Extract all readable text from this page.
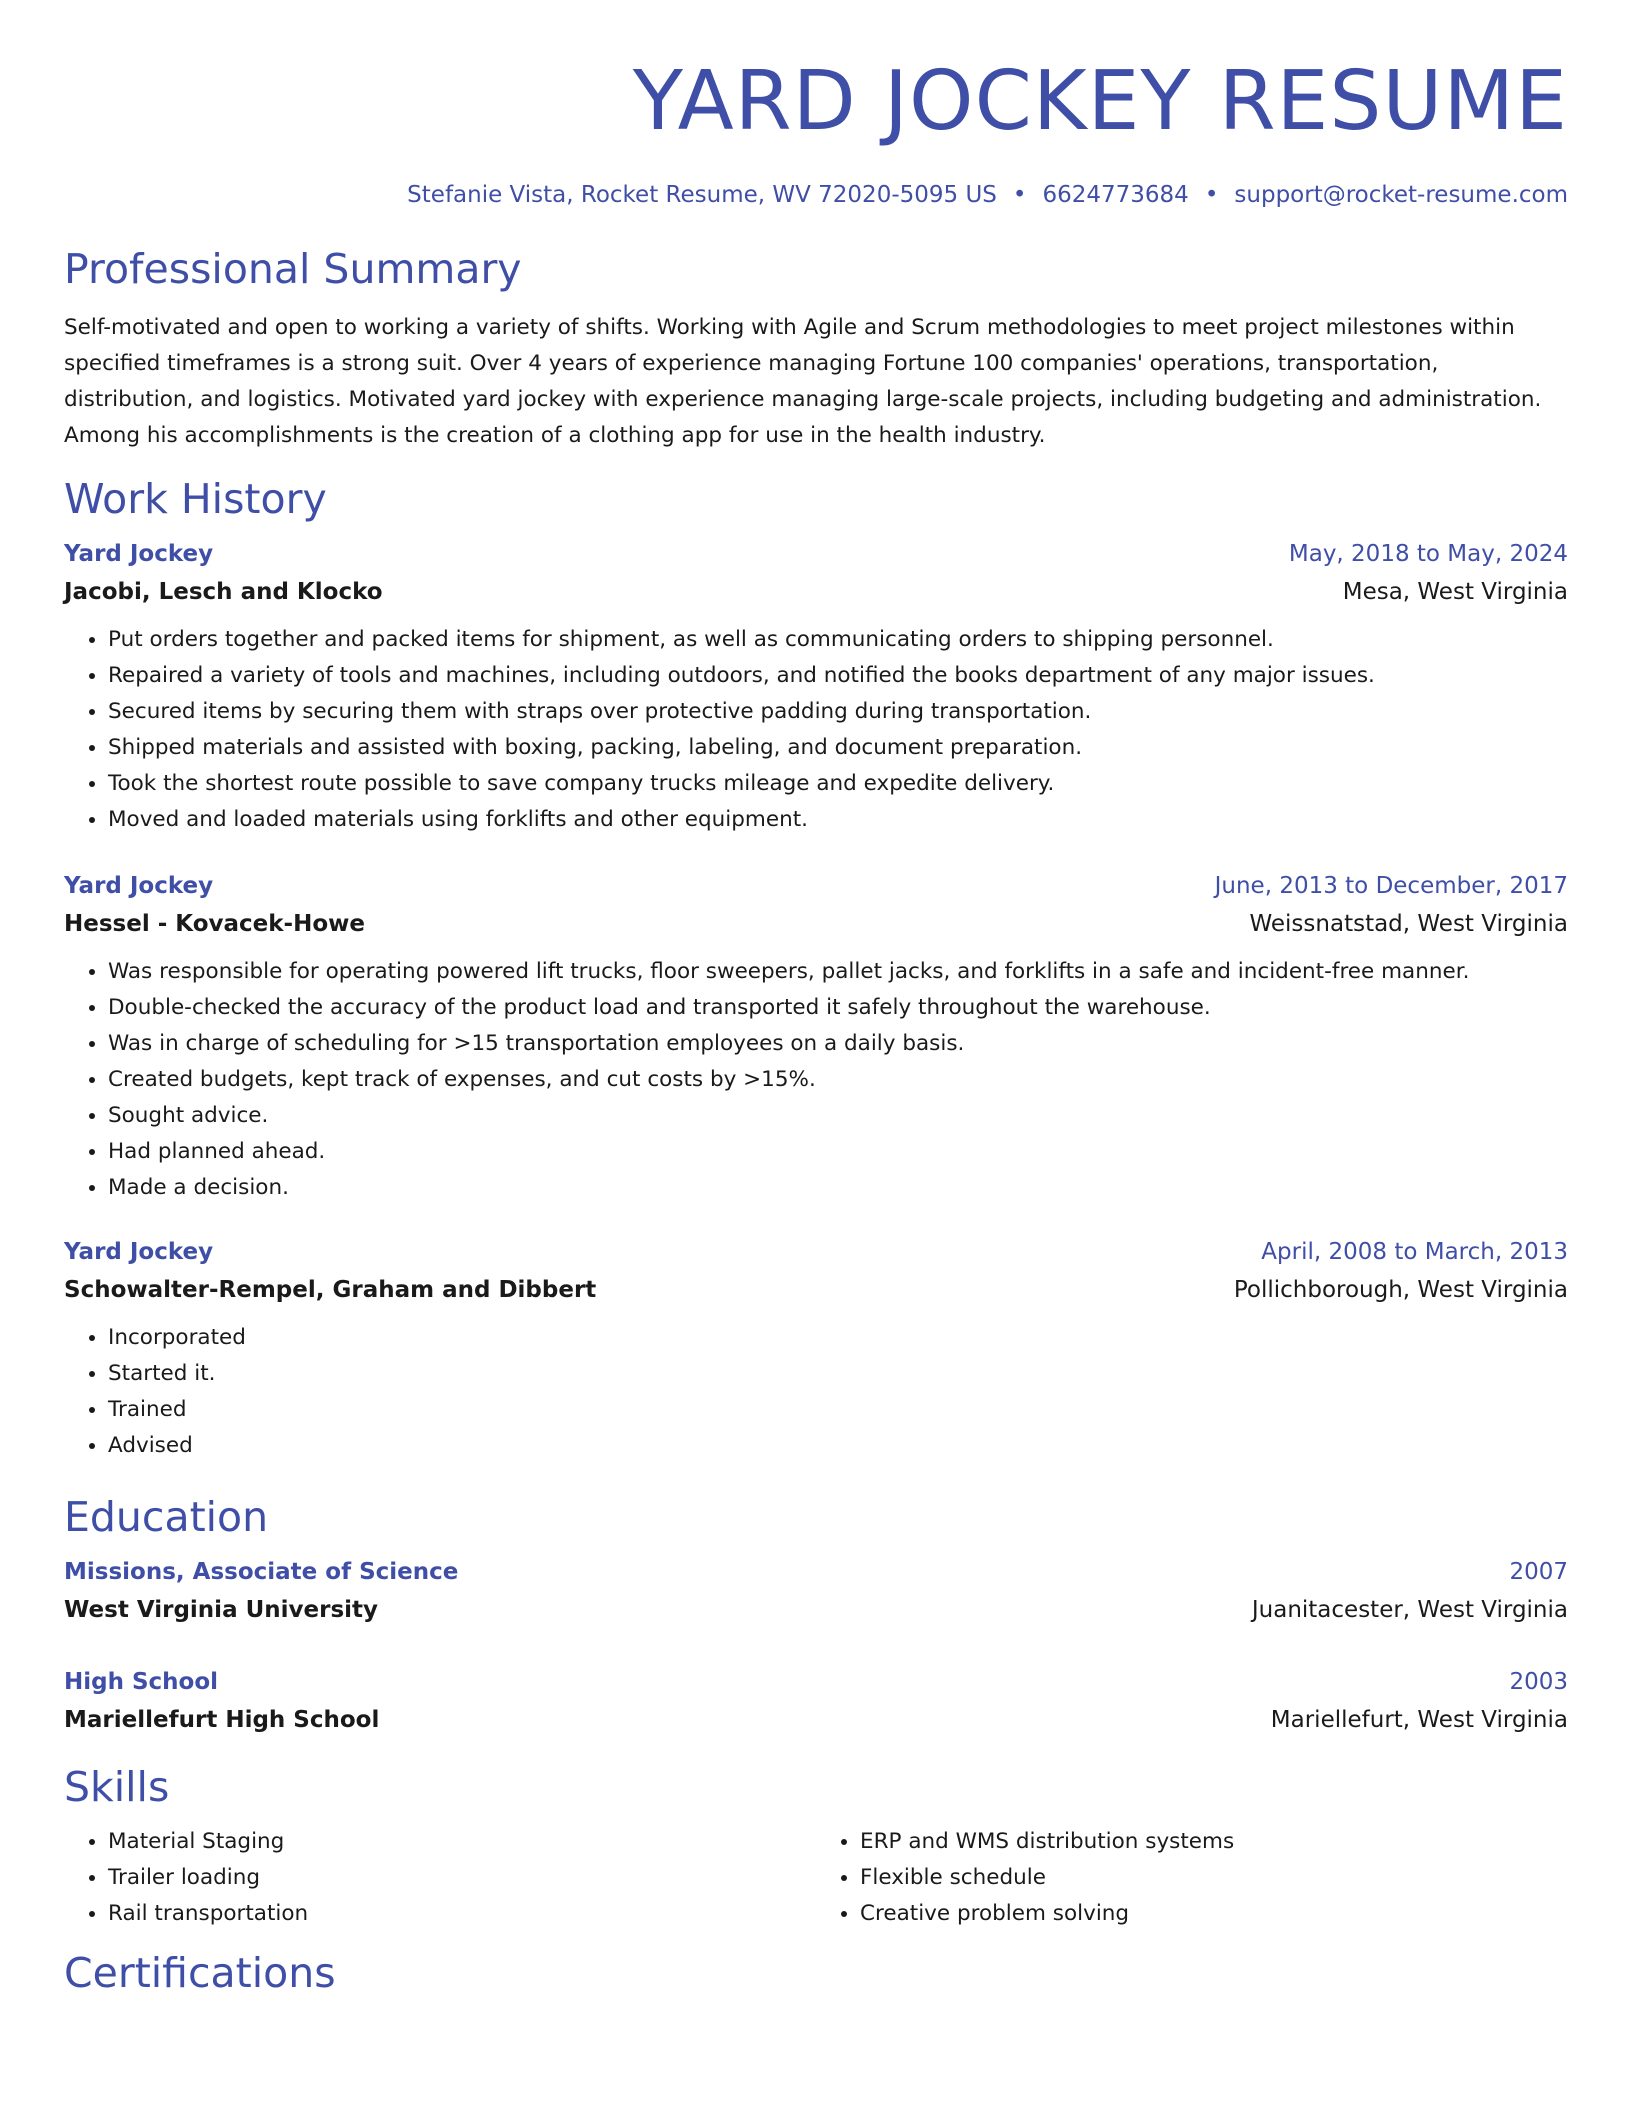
YARD JOCKEY RESUME
Stefanie Vista, Rocket Resume, WV 72020-5095 US • 6624773684 • support@rocket-resume.com
Professional Summary

Self-motivated and open to working a variety of shifts. Working with Agile and Scrum methodologies to meet project milestones within specified timeframes is a strong suit. Over 4 years of experience managing Fortune 100 companies' operations, transportation, distribution, and logistics. Motivated yard jockey with experience managing large-scale projects, including budgeting and administration. Among his accomplishments is the creation of a clothing app for use in the health industry.

Work History
Yard Jockey	May, 2018 to May, 2024
Jacobi, Lesch and Klocko	Mesa, West Virginia
• Put orders together and packed items for shipment, as well as communicating orders to shipping personnel.
• Repaired a variety of tools and machines, including outdoors, and notified the books department of any major issues.
• Secured items by securing them with straps over protective padding during transportation.
• Shipped materials and assisted with boxing, packing, labeling, and document preparation.
• Took the shortest route possible to save company trucks mileage and expedite delivery.
• Moved and loaded materials using forklifts and other equipment.
Yard Jockey	June, 2013 to December, 2017
Hessel - Kovacek-Howe	Weissnatstad, West Virginia
• Was responsible for operating powered lift trucks, floor sweepers, pallet jacks, and forklifts in a safe and incident-free manner.
• Double-checked the accuracy of the product load and transported it safely throughout the warehouse.
• Was in charge of scheduling for >15 transportation employees on a daily basis.
• Created budgets, kept track of expenses, and cut costs by >15%.
• Sought advice.
• Had planned ahead.
• Made a decision.
Yard Jockey	April, 2008 to March, 2013
Schowalter-Rempel, Graham and Dibbert	Pollichborough, West Virginia
• Incorporated
• Started it.
• Trained
• Advised
Education
Missions, Associate of Science	2007
West Virginia University	Juanitacester, West Virginia
High School	2003
Mariellefurt High School	Mariellefurt, West Virginia
Skills
• Material Staging
• Trailer loading
• Rail transportation
• ERP and WMS distribution systems
• Flexible schedule
• Creative problem solving
Certifications
